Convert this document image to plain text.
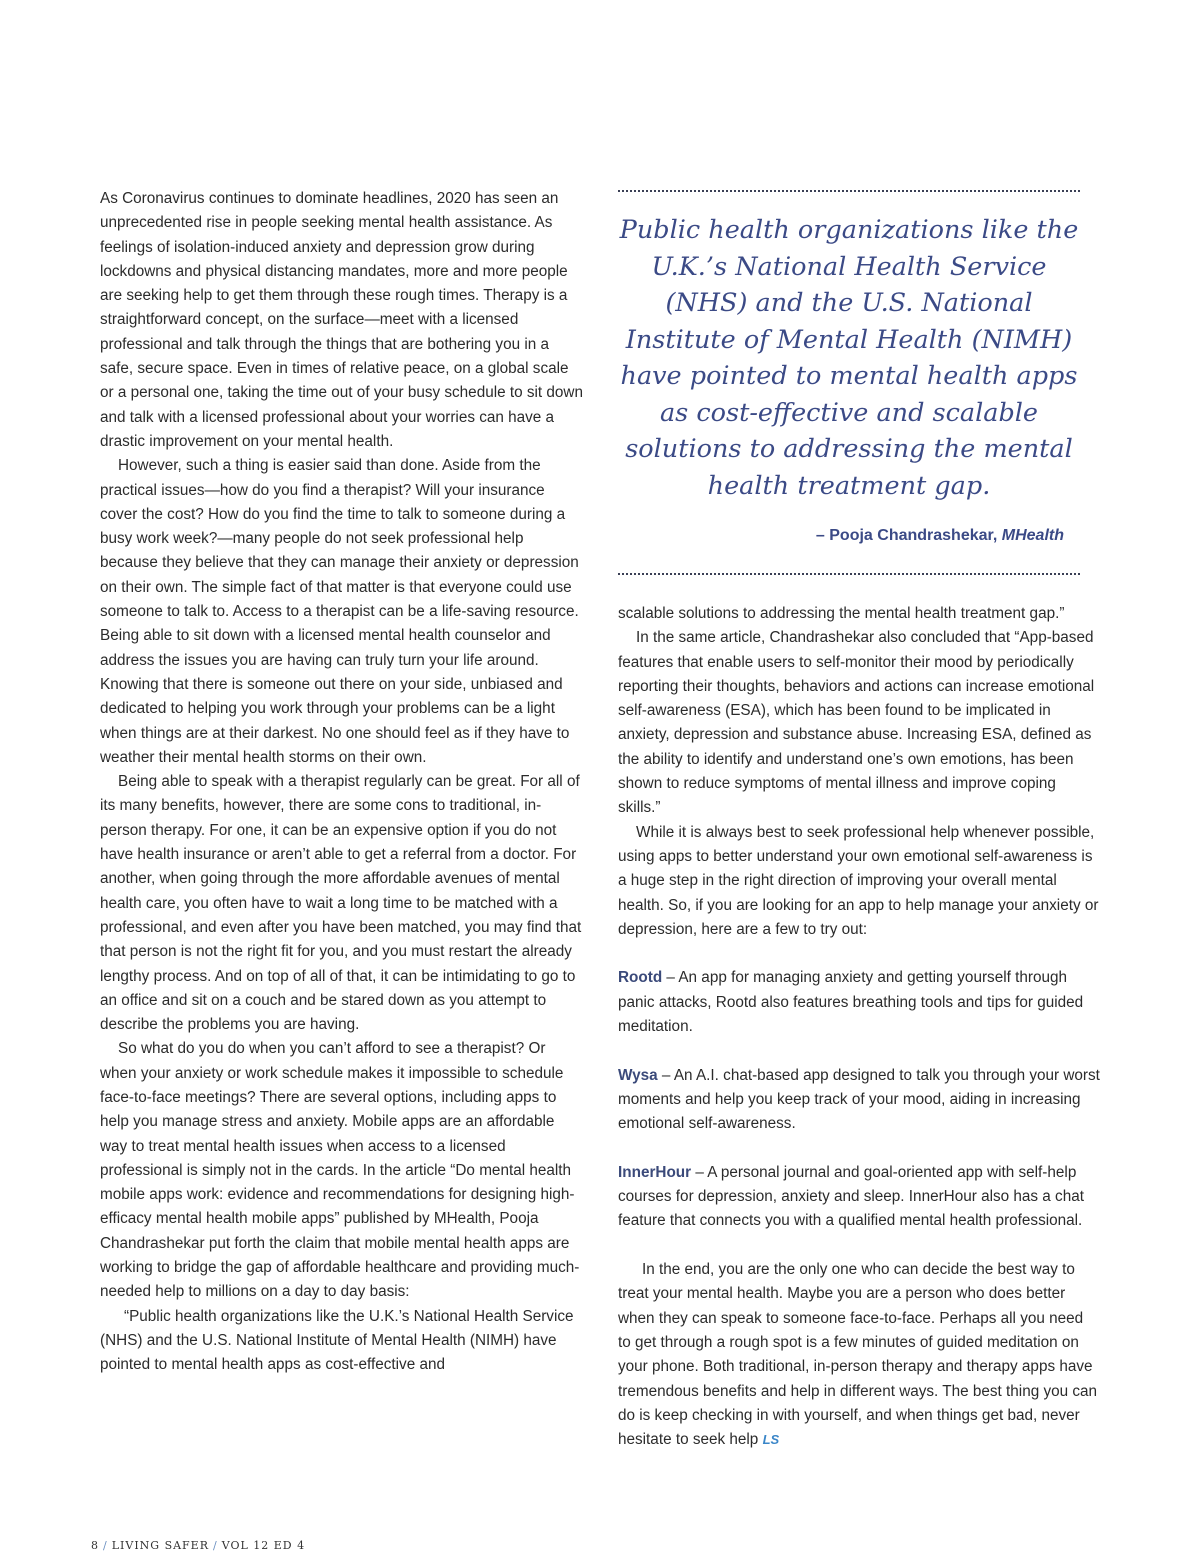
As Coronavirus continues to dominate headlines, 2020 has seen an unprecedented rise in people seeking mental health assistance. As feelings of isolation-induced anxiety and depression grow during lockdowns and physical distancing mandates, more and more people are seeking help to get them through these rough times. Therapy is a straightforward concept, on the surface—meet with a licensed professional and talk through the things that are bothering you in a safe, secure space. Even in times of relative peace, on a global scale or a personal one, taking the time out of your busy schedule to sit down and talk with a licensed professional about your worries can have a drastic improvement on your mental health.

However, such a thing is easier said than done. Aside from the practical issues—how do you find a therapist? Will your insurance cover the cost? How do you find the time to talk to someone during a busy work week?—many people do not seek professional help because they believe that they can manage their anxiety or depression on their own. The simple fact of that matter is that everyone could use someone to talk to. Access to a therapist can be a life-saving resource. Being able to sit down with a licensed mental health counselor and address the issues you are having can truly turn your life around. Knowing that there is someone out there on your side, unbiased and dedicated to helping you work through your problems can be a light when things are at their darkest. No one should feel as if they have to weather their mental health storms on their own.

Being able to speak with a therapist regularly can be great. For all of its many benefits, however, there are some cons to traditional, in-person therapy. For one, it can be an expensive option if you do not have health insurance or aren’t able to get a referral from a doctor. For another, when going through the more affordable avenues of mental health care, you often have to wait a long time to be matched with a professional, and even after you have been matched, you may find that that person is not the right fit for you, and you must restart the already lengthy process. And on top of all of that, it can be intimidating to go to an office and sit on a couch and be stared down as you attempt to describe the problems you are having.

So what do you do when you can’t afford to see a therapist? Or when your anxiety or work schedule makes it impossible to schedule face-to-face meetings? There are several options, including apps to help you manage stress and anxiety. Mobile apps are an affordable way to treat mental health issues when access to a licensed professional is simply not in the cards. In the article “Do mental health mobile apps work: evidence and recommendations for designing high-efficacy mental health mobile apps” published by MHealth, Pooja Chandrashekar put forth the claim that mobile mental health apps are working to bridge the gap of affordable healthcare and providing much-needed help to millions on a day to day basis:

“Public health organizations like the U.K.’s National Health Service (NHS) and the U.S. National Institute of Mental Health (NIMH) have pointed to mental health apps as cost-effective and

Public health organizations like the U.K.’s National Health Service (NHS) and the U.S. National Institute of Mental Health (NIMH) have pointed to mental health apps as cost-effective and scalable solutions to addressing the mental health treatment gap.
– Pooja Chandrashekar, MHealth

scalable solutions to addressing the mental health treatment gap.”

In the same article, Chandrashekar also concluded that “App-based features that enable users to self-monitor their mood by periodically reporting their thoughts, behaviors and actions can increase emotional self-awareness (ESA), which has been found to be implicated in anxiety, depression and substance abuse. Increasing ESA, defined as the ability to identify and understand one’s own emotions, has been shown to reduce symptoms of mental illness and improve coping skills.”

While it is always best to seek professional help whenever possible, using apps to better understand your own emotional self-awareness is a huge step in the right direction of improving your overall mental health. So, if you are looking for an app to help manage your anxiety or depression, here are a few to try out:

Rootd – An app for managing anxiety and getting yourself through panic attacks, Rootd also features breathing tools and tips for guided meditation.

Wysa – An A.I. chat-based app designed to talk you through your worst moments and help you keep track of your mood, aiding in increasing emotional self-awareness.

InnerHour – A personal journal and goal-oriented app with self-help courses for depression, anxiety and sleep. InnerHour also has a chat feature that connects you with a qualified mental health professional.

In the end, you are the only one who can decide the best way to treat your mental health. Maybe you are a person who does better when they can speak to someone face-to-face. Perhaps all you need to get through a rough spot is a few minutes of guided meditation on your phone. Both traditional, in-person therapy and therapy apps have tremendous benefits and help in different ways. The best thing you can do is keep checking in with yourself, and when things get bad, never hesitate to seek help LS

8 / LIVING SAFER / VOL 12 ED 4
